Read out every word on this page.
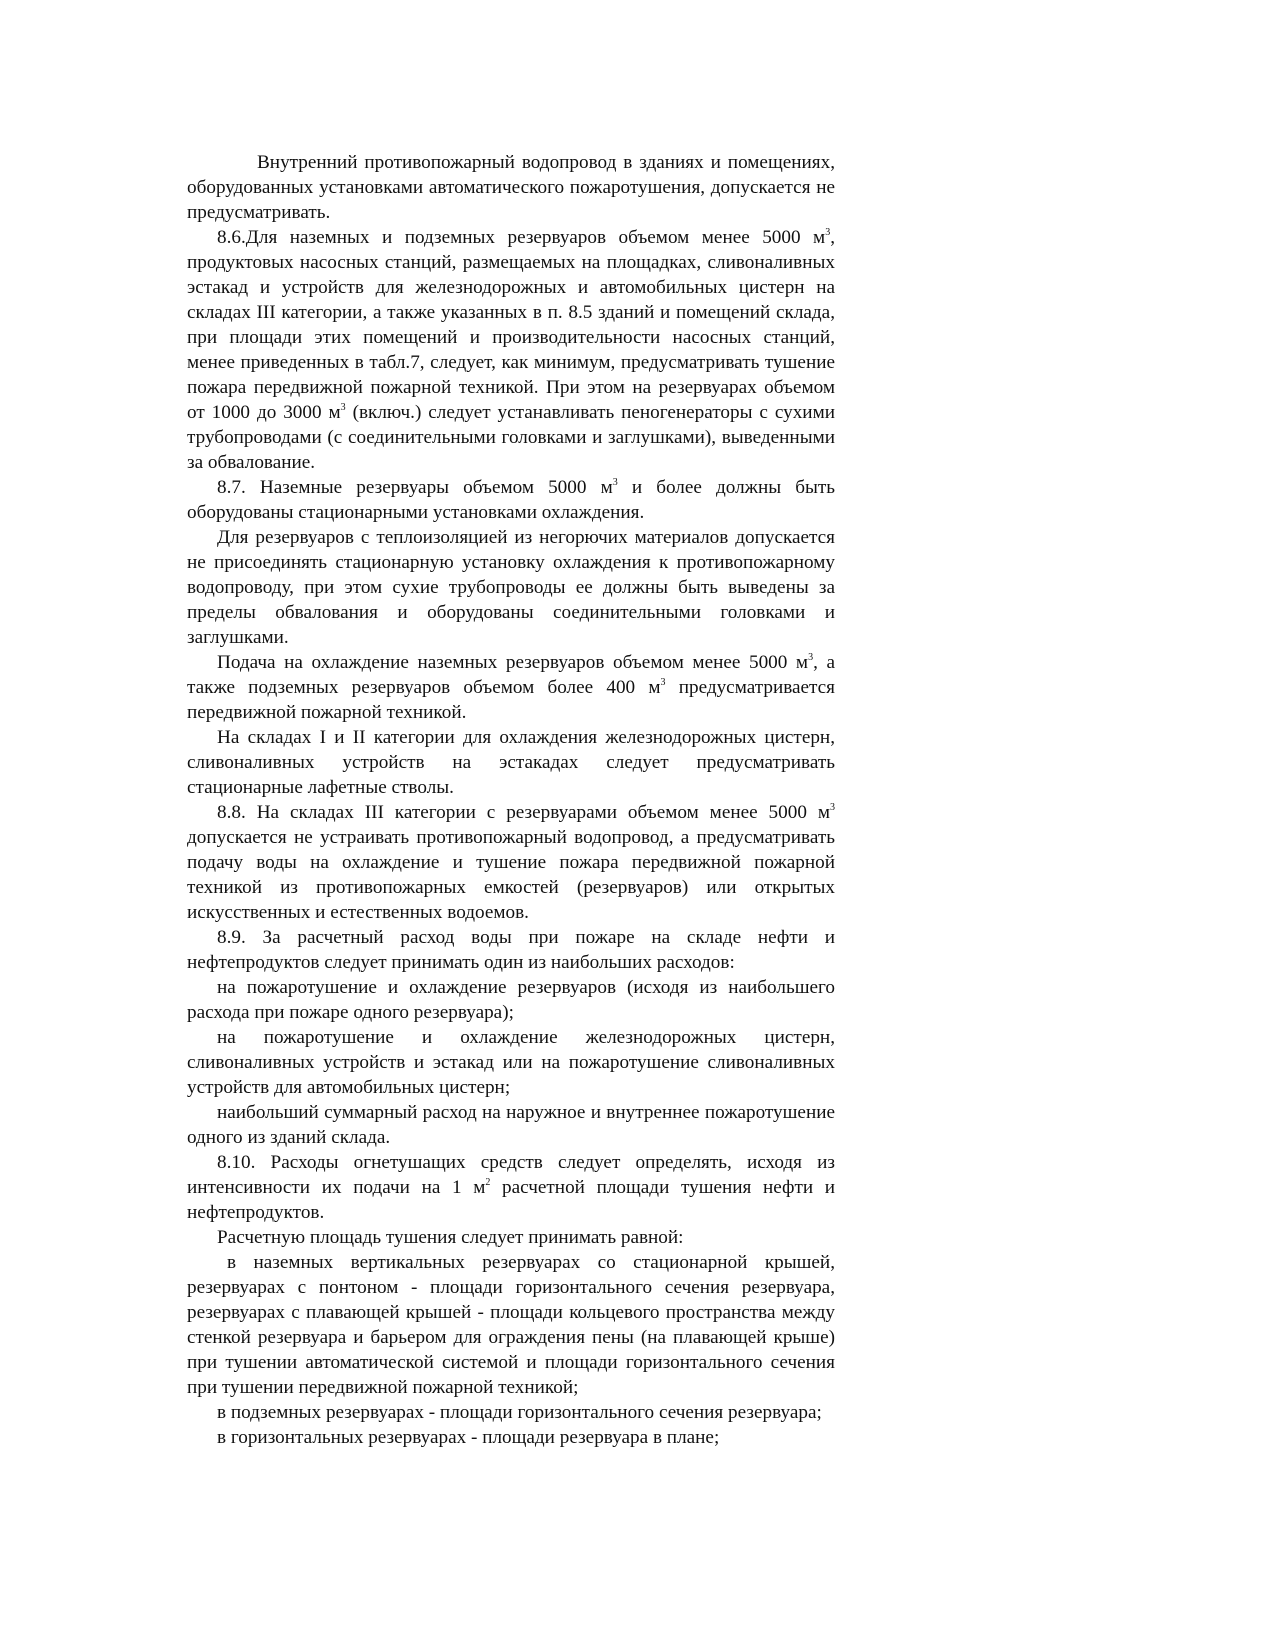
Внутренний противопожарный водопровод в зданиях и помещениях, оборудованных установками автоматического пожаротушения, допускается не предусматривать.

8.6.Для наземных и подземных резервуаров объемом менее 5000 $м^3$, продуктовых насосных станций, размещаемых на площадках, сливоналивных эстакад и устройств для железнодорожных и автомобильных цистерн на складах III категории, а также указанных в п. 8.5 зданий и помещений склада, при площади этих помещений и производительности насосных станций, менее приведенных в табл.7, следует, как минимум, предусматривать тушение пожара передвижной пожарной техникой. При этом на резервуарах объемом от 1000 до 3000 $м^3$ (включ.) следует устанавливать пеногенераторы с сухими трубопроводами (с соединительными головками и заглушками), выведенными за обвалование.

8.7. Наземные резервуары объемом 5000 $м^3$ и более должны быть оборудованы стационарными установками охлаждения.

Для резервуаров с теплоизоляцией из негорючих материалов допускается не присоединять стационарную установку охлаждения к противопожарному водопроводу, при этом сухие трубопроводы ее должны быть выведены за пределы обвалования и оборудованы соединительными головками и заглушками.

Подача на охлаждение наземных резервуаров объемом менее 5000 $м^3$, а также подземных резервуаров объемом более 400 $м^3$ предусматривается передвижной пожарной техникой.

На складах I и II категории для охлаждения железнодорожных цистерн, сливоналивных устройств на эстакадах следует предусматривать стационарные лафетные стволы.

8.8. На складах III категории с резервуарами объемом менее 5000 $м^3$ допускается не устраивать противопожарный водопровод, а предусматривать подачу воды на охлаждение и тушение пожара передвижной пожарной техникой из противопожарных емкостей (резервуаров) или открытых искусственных и естественных водоемов.

8.9. За расчетный расход воды при пожаре на складе нефти и нефтепродуктов следует принимать один из наибольших расходов:

на пожаротушение и охлаждение резервуаров (исходя из наибольшего расхода при пожаре одного резервуара);

на пожаротушение и охлаждение железнодорожных цистерн, сливоналивных устройств и эстакад или на пожаротушение сливоналивных устройств для автомобильных цистерн;

наибольший суммарный расход на наружное и внутреннее пожаротушение одного из зданий склада.

8.10. Расходы огнетушащих средств следует определять, исходя из интенсивности их подачи на 1 $м^2$ расчетной площади тушения нефти и нефтепродуктов.

Расчетную площадь тушения следует принимать равной:

в наземных вертикальных резервуарах со стационарной крышей, резервуарах с понтоном - площади горизонтального сечения резервуара, резервуарах с плавающей крышей - площади кольцевого пространства между стенкой резервуара и барьером для ограждения пены (на плавающей крыше) при тушении автоматической системой и площади горизонтального сечения при тушении передвижной пожарной техникой;

в подземных резервуарах - площади горизонтального сечения резервуара;

в горизонтальных резервуарах - площади резервуара в плане;
